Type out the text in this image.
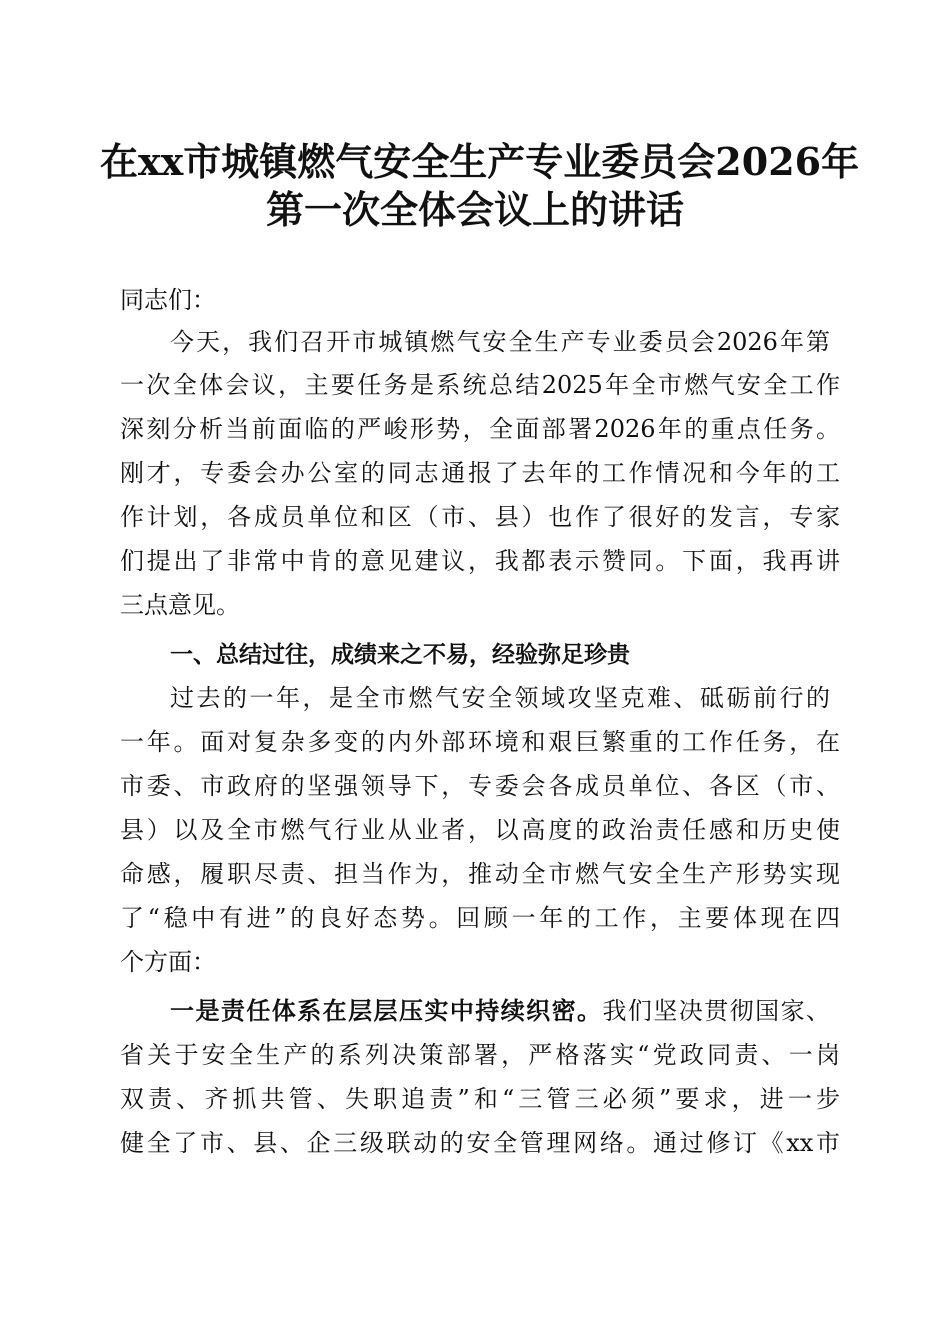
在xx市城镇燃气安全生产专业委员会2026年
第一次全体会议上的讲话
同志们：
今天，我们召开市城镇燃气安全生产专业委员会2026年第
一次全体会议，主要任务是系统总结2025年全市燃气安全工作
深刻分析当前面临的严峻形势，全面部署2026年的重点任务。
刚才，专委会办公室的同志通报了去年的工作情况和今年的工
作计划，各成员单位和区（市、县）也作了很好的发言，专家
们提出了非常中肯的意见建议，我都表示赞同。下面，我再讲
三点意见。
一、总结过往，成绩来之不易，经验弥足珍贵
过去的一年，是全市燃气安全领域攻坚克难、砥砺前行的
一年。面对复杂多变的内外部环境和艰巨繁重的工作任务，在
市委、市政府的坚强领导下，专委会各成员单位、各区（市、
县）以及全市燃气行业从业者，以高度的政治责任感和历史使
命感，履职尽责、担当作为，推动全市燃气安全生产形势实现
了“稳中有进”的良好态势。回顾一年的工作，主要体现在四
个方面：
一是责任体系在层层压实中持续织密。我们坚决贯彻国家、
省关于安全生产的系列决策部署，严格落实“党政同责、一岗
双责、齐抓共管、失职追责”和“三管三必须”要求，进一步
健全了市、县、企三级联动的安全管理网络。通过修订《xx市
